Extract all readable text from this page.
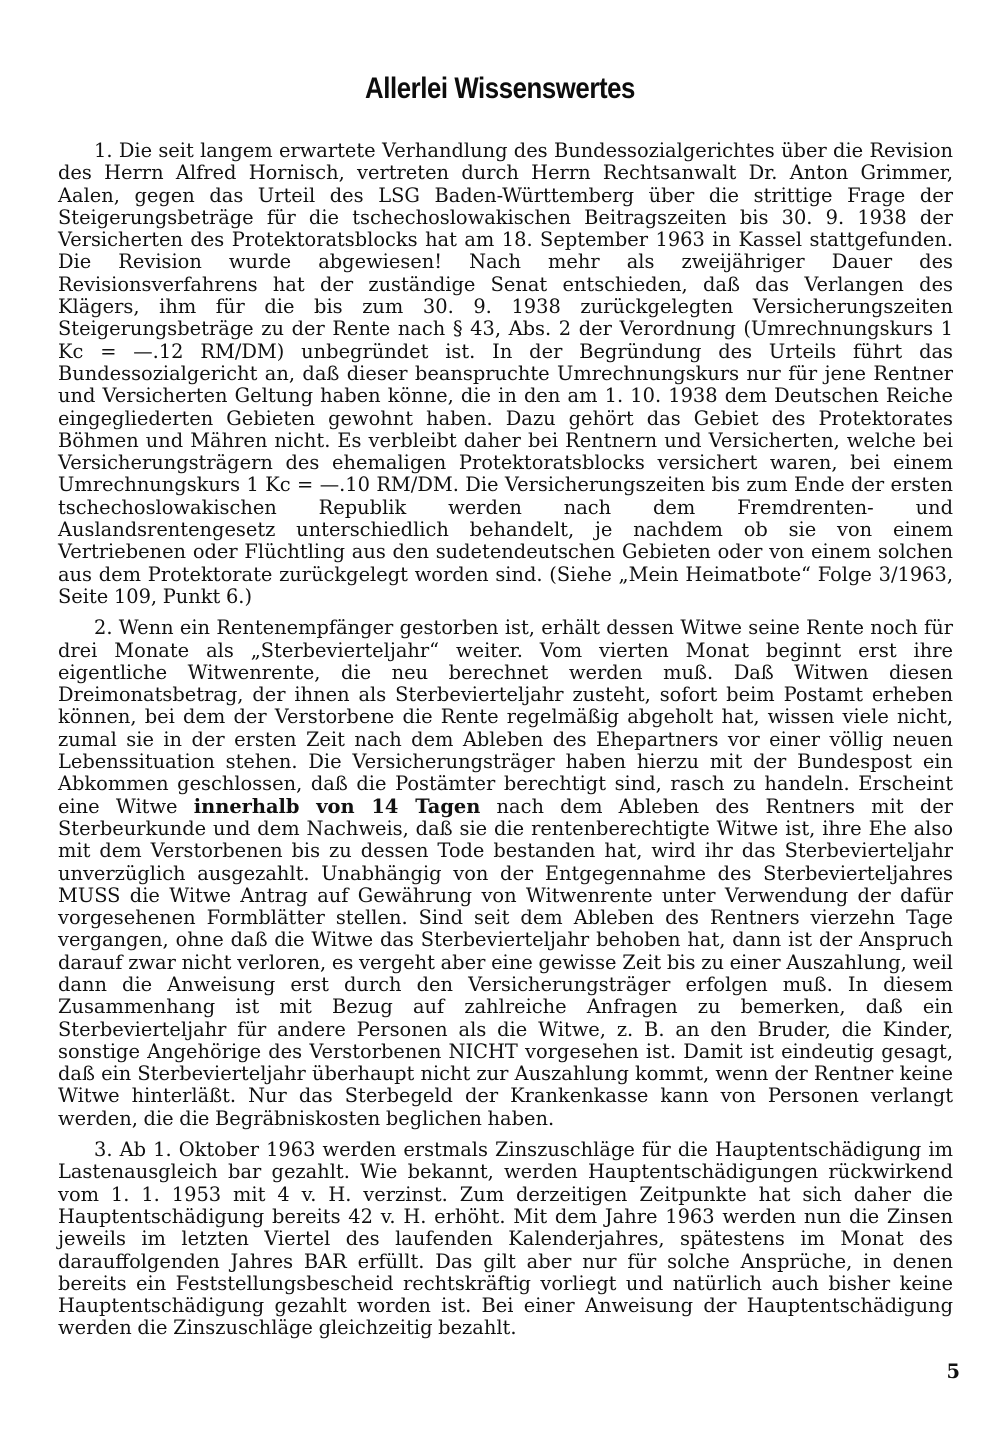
Allerlei Wissenswertes

1. Die seit langem erwartete Verhandlung des Bundessozialgerichtes über die Revision des Herrn Alfred Hornisch, vertreten durch Herrn Rechtsanwalt Dr. Anton Grimmer, Aalen, gegen das Urteil des LSG Baden-Württemberg über die strittige Frage der Steigerungsbeträge für die tschechoslowakischen Beitragszeiten bis 30. 9. 1938 der Versicherten des Protektoratsblocks hat am 18. September 1963 in Kassel stattgefunden. Die Revision wurde abgewiesen! Nach mehr als zweijähriger Dauer des Revisionsverfahrens hat der zuständige Senat entschieden, daß das Verlangen des Klägers, ihm für die bis zum 30. 9. 1938 zurückgelegten Versicherungszeiten Steigerungsbeträge zu der Rente nach § 43, Abs. 2 der Verordnung (Umrechnungskurs 1 Kc = —.12 RM/DM) unbegründet ist. In der Begründung des Urteils führt das Bundessozialgericht an, daß dieser beanspruchte Umrechnungskurs nur für jene Rentner und Versicherten Geltung haben könne, die in den am 1. 10. 1938 dem Deutschen Reiche eingegliederten Gebieten gewohnt haben. Dazu gehört das Gebiet des Protektorates Böhmen und Mähren nicht. Es verbleibt daher bei Rentnern und Versicherten, welche bei Versicherungsträgern des ehemaligen Protektoratsblocks versichert waren, bei einem Umrechnungskurs 1 Kc = —.10 RM/DM. Die Versicherungszeiten bis zum Ende der ersten tschechoslowakischen Republik werden nach dem Fremdrenten- und Auslandsrentengesetz unterschiedlich behandelt, je nachdem ob sie von einem Vertriebenen oder Flüchtling aus den sudetendeutschen Gebieten oder von einem solchen aus dem Protektorate zurückgelegt worden sind. (Siehe „Mein Heimatbote“ Folge 3/1963, Seite 109, Punkt 6.)

2. Wenn ein Rentenempfänger gestorben ist, erhält dessen Witwe seine Rente noch für drei Monate als „Sterbevierteljahr“ weiter. Vom vierten Monat beginnt erst ihre eigentliche Witwenrente, die neu berechnet werden muß. Daß Witwen diesen Dreimonatsbetrag, der ihnen als Sterbevierteljahr zusteht, sofort beim Postamt erheben können, bei dem der Verstorbene die Rente regelmäßig abgeholt hat, wissen viele nicht, zumal sie in der ersten Zeit nach dem Ableben des Ehepartners vor einer völlig neuen Lebenssituation stehen. Die Versicherungsträger haben hierzu mit der Bundespost ein Abkommen geschlossen, daß die Postämter berechtigt sind, rasch zu handeln. Erscheint eine Witwe innerhalb von 14 Tagen nach dem Ableben des Rentners mit der Sterbeurkunde und dem Nachweis, daß sie die rentenberechtigte Witwe ist, ihre Ehe also mit dem Verstorbenen bis zu dessen Tode bestanden hat, wird ihr das Sterbevierteljahr unverzüglich ausgezahlt. Unabhängig von der Entgegennahme des Sterbevierteljahres MUSS die Witwe Antrag auf Gewährung von Witwenrente unter Verwendung der dafür vorgesehenen Formblätter stellen. Sind seit dem Ableben des Rentners vierzehn Tage vergangen, ohne daß die Witwe das Sterbevierteljahr behoben hat, dann ist der Anspruch darauf zwar nicht verloren, es vergeht aber eine gewisse Zeit bis zu einer Auszahlung, weil dann die Anweisung erst durch den Versicherungsträger erfolgen muß. In diesem Zusammenhang ist mit Bezug auf zahlreiche Anfragen zu bemerken, daß ein Sterbevierteljahr für andere Personen als die Witwe, z. B. an den Bruder, die Kinder, sonstige Angehörige des Verstorbenen NICHT vorgesehen ist. Damit ist eindeutig gesagt, daß ein Sterbevierteljahr überhaupt nicht zur Auszahlung kommt, wenn der Rentner keine Witwe hinterläßt. Nur das Sterbegeld der Krankenkasse kann von Personen verlangt werden, die die Begräbniskosten beglichen haben.

3. Ab 1. Oktober 1963 werden erstmals Zinszuschläge für die Hauptentschädigung im Lastenausgleich bar gezahlt. Wie bekannt, werden Hauptentschädigungen rückwirkend vom 1. 1. 1953 mit 4 v. H. verzinst. Zum derzeitigen Zeitpunkte hat sich daher die Hauptentschädigung bereits 42 v. H. erhöht. Mit dem Jahre 1963 werden nun die Zinsen jeweils im letzten Viertel des laufenden Kalenderjahres, spätestens im Monat des darauffolgenden Jahres BAR erfüllt. Das gilt aber nur für solche Ansprüche, in denen bereits ein Feststellungsbescheid rechtskräftig vorliegt und natürlich auch bisher keine Hauptentschädigung gezahlt worden ist. Bei einer Anweisung der Hauptentschädigung werden die Zinszuschläge gleichzeitig bezahlt.

5
